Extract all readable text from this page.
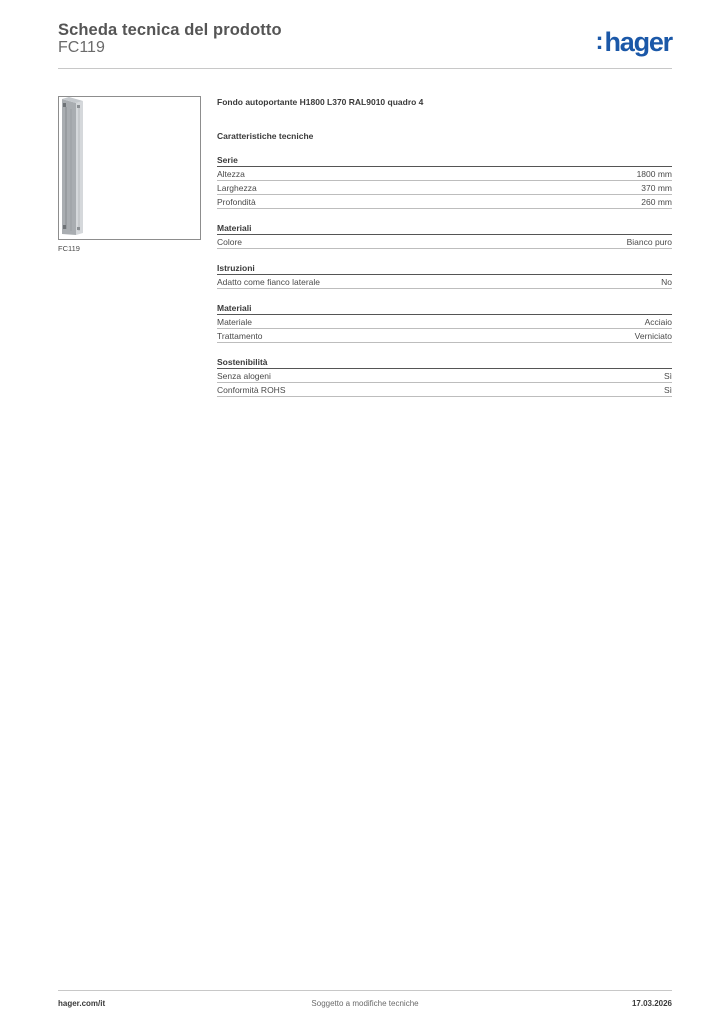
Scheda tecnica del prodotto
FC119	:hager
FC119
Fondo autoportante H1800 L370 RAL9010 quadro 4
Caratteristiche tecniche
Serie
Altezza	1800 mm
Larghezza	370 mm
Profondità	260 mm
Materiali
Colore	Bianco puro
Istruzioni
Adatto come fianco laterale	No
Materiali
Materiale	Acciaio
Trattamento	Verniciato
Sostenibilità
Senza alogeni	Sì
Conformità ROHS	Sì
hager.com/it	Soggetto a modifiche tecniche	17.03.2026
